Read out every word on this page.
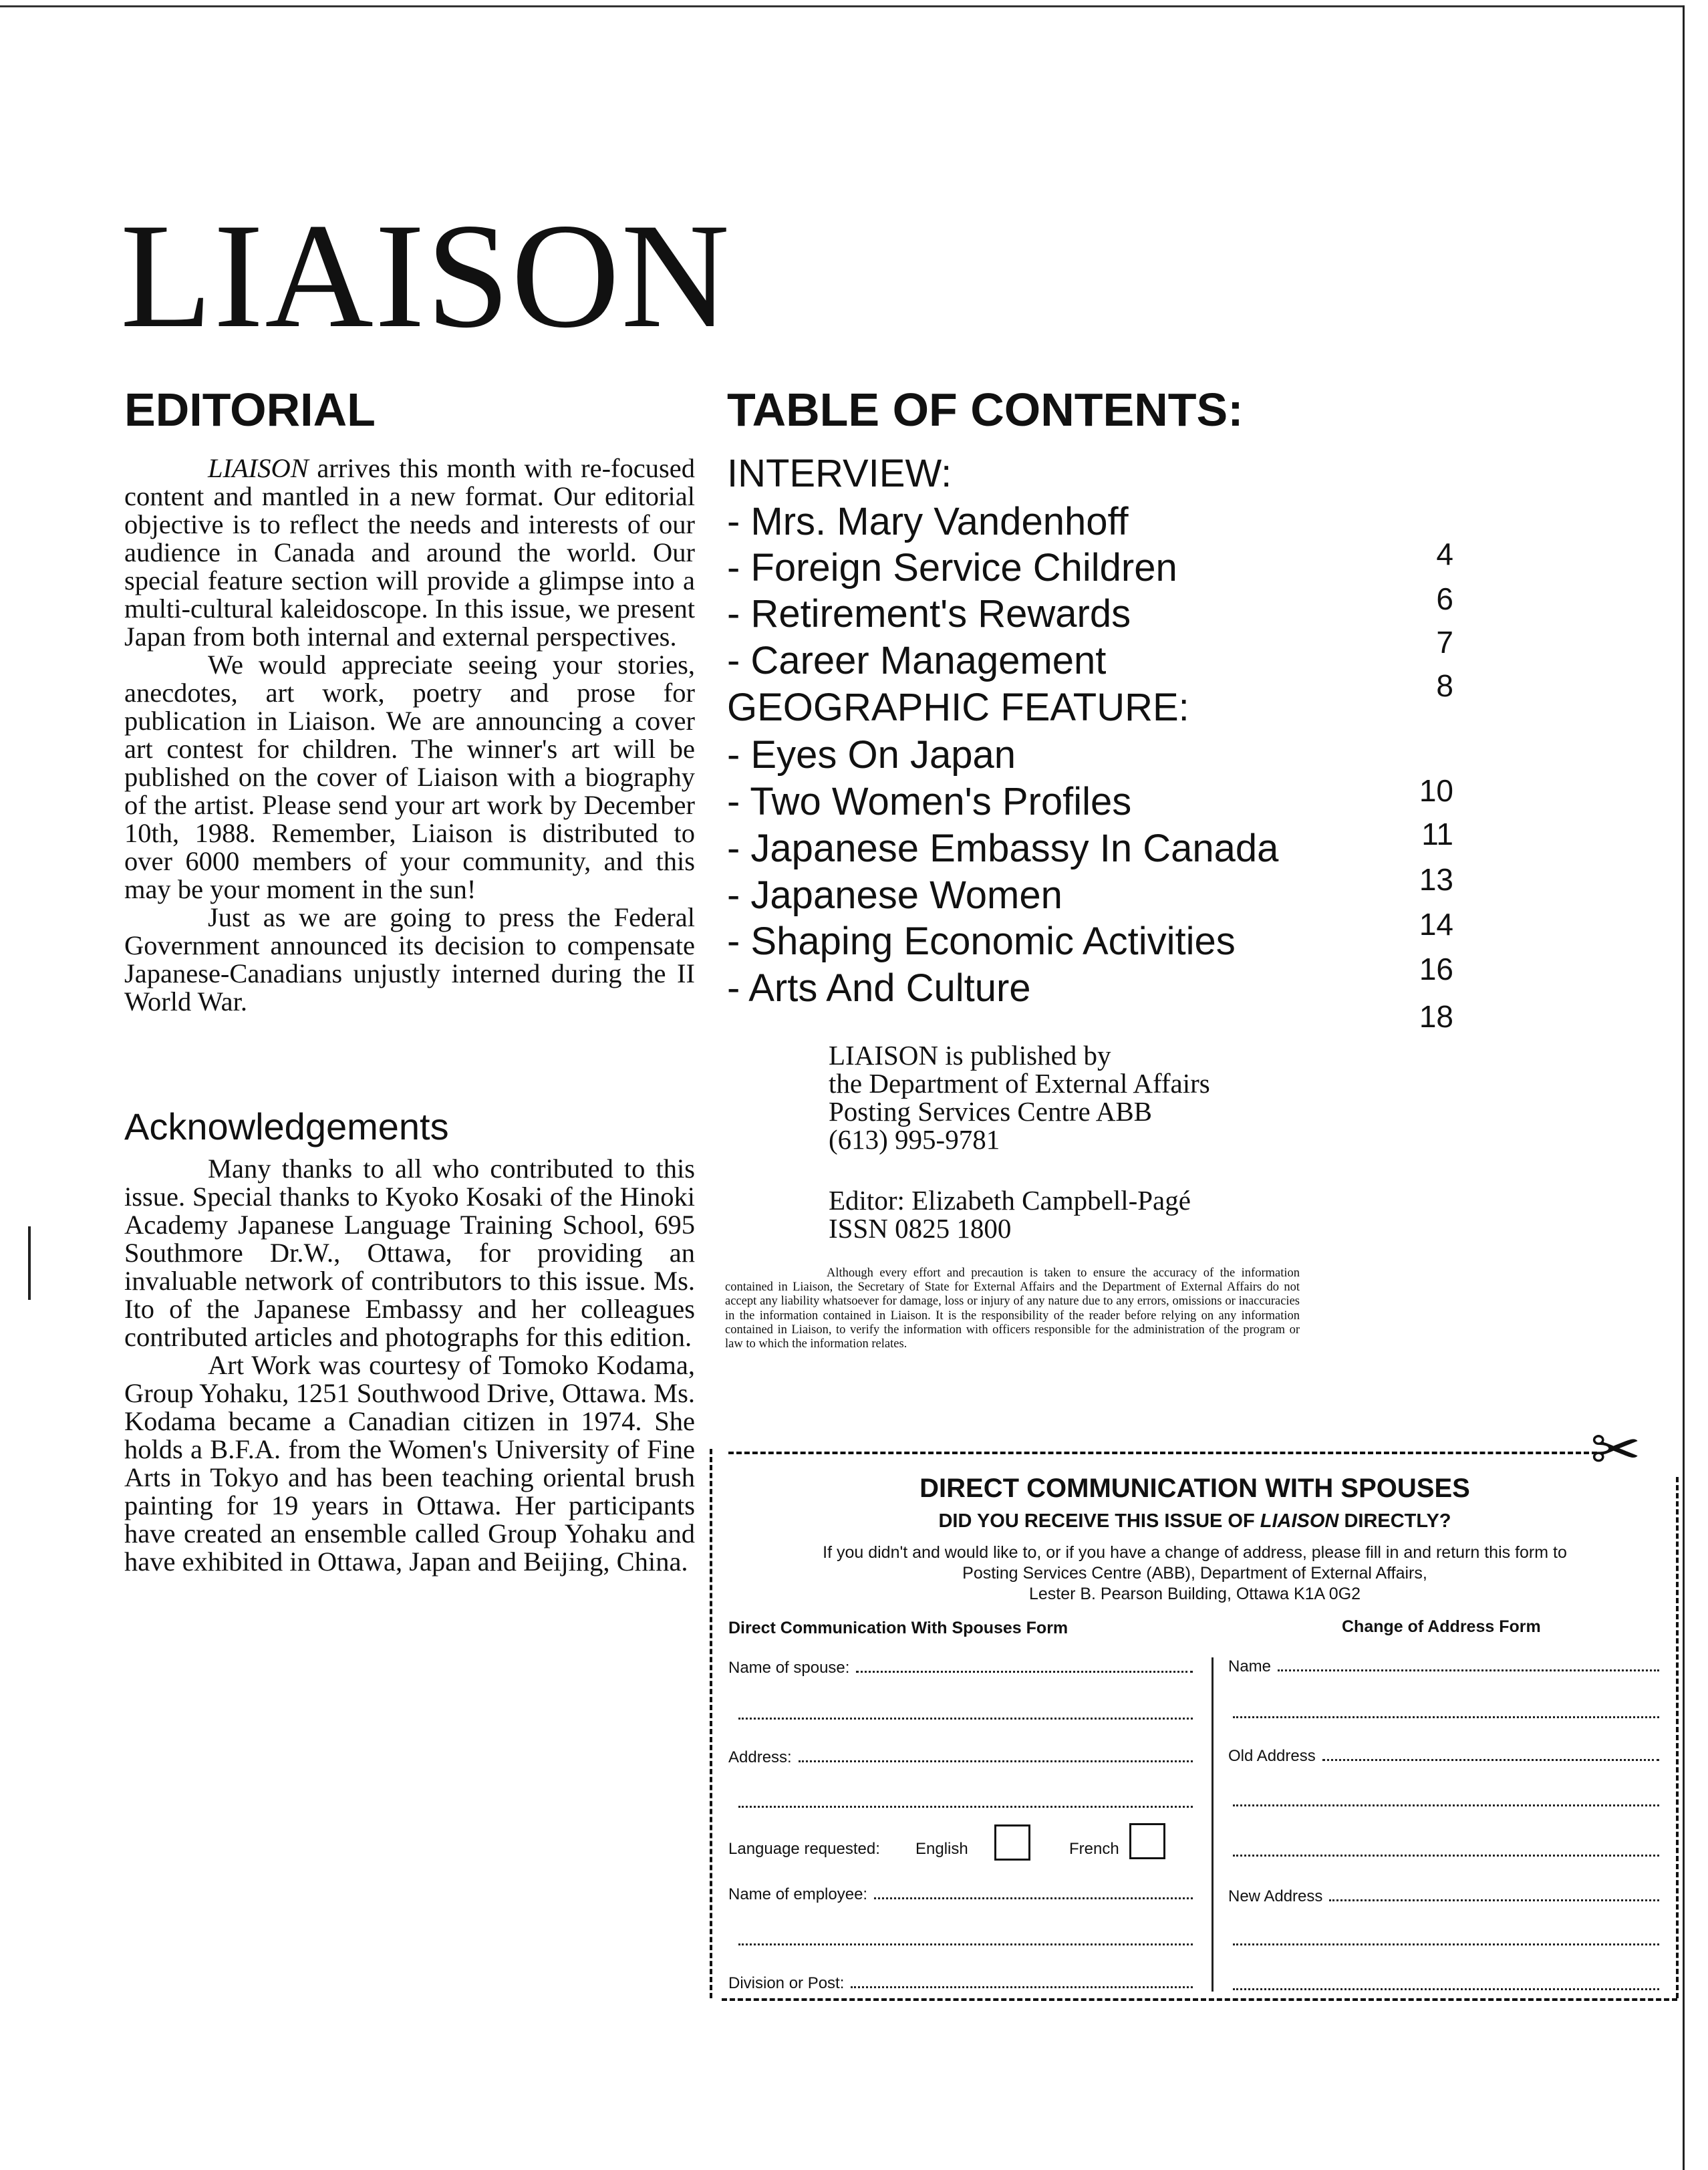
LIAISON
EDITORIAL

LIAISON arrives this month with re-focused content and mantled in a new format. Our editorial objective is to reflect the needs and interests of our audience in Canada and around the world. Our special feature section will provide a glimpse into a multi-cultural kaleidoscope. In this issue, we present Japan from both internal and external perspectives.

We would appreciate seeing your stories, anecdotes, art work, poetry and prose for publication in Liaison. We are announcing a cover art contest for children. The winner's art will be published on the cover of Liaison with a biography of the artist. Please send your art work by December 10th, 1988. Remember, Liaison is distributed to over 6000 members of your community, and this may be your moment in the sun!

Just as we are going to press the Federal Government announced its decision to compensate Japanese-Canadians unjustly interned during the II World War.

Acknowledgements

Many thanks to all who contributed to this issue. Special thanks to Kyoko Kosaki of the Hinoki Academy Japanese Language Training School, 695 Southmore Dr.W., Ottawa, for providing an invaluable network of contributors to this issue. Ms. Ito of the Japanese Embassy and her colleagues contributed articles and photographs for this edition.

Art Work was courtesy of Tomoko Kodama, Group Yohaku, 1251 Southwood Drive, Ottawa. Ms. Kodama became a Canadian citizen in 1974. She holds a B.F.A. from the Women's University of Fine Arts in Tokyo and has been teaching oriental brush painting for 19 years in Ottawa. Her participants have created an ensemble called Group Yohaku and have exhibited in Ottawa, Japan and Beijing, China.

TABLE OF CONTENTS:
INTERVIEW:
- Mrs. Mary Vandenhoff
- Foreign Service Children
- Retirement's Rewards
- Career Management
GEOGRAPHIC FEATURE:
- Eyes On Japan
- Two Women's Profiles
- Japanese Embassy In Canada
- Japanese Women
- Shaping Economic Activities
- Arts And Culture
4
6
7
8
10
11
13
14
16
18
LIAISON is published by
the Department of External Affairs
Posting Services Centre ABB
(613) 995-9781
Editor: Elizabeth Campbell-Pagé
ISSN 0825 1800
Although every effort and precaution is taken to ensure the accuracy of the information contained in Liaison, the Secretary of State for External Affairs and the Department of External Affairs do not accept any liability whatsoever for damage, loss or injury of any nature due to any errors, omissions or inaccuracies in the information contained in Liaison. It is the responsibility of the reader before relying on any information contained in Liaison, to verify the information with officers responsible for the administration of the program or law to which the information relates.
✂
DIRECT COMMUNICATION WITH SPOUSES
DID YOU RECEIVE THIS ISSUE OF LIAISON DIRECTLY?
If you didn't and would like to, or if you have a change of address, please fill in and return this form to
Posting Services Centre (ABB), Department of External Affairs,
Lester B. Pearson Building, Ottawa K1A 0G2
Direct Communication With Spouses Form	Change of Address Form
Name of spouse:
Address:
Language requested: English	French
Name of employee:
Division or Post:
Name
Old Address
New Address
